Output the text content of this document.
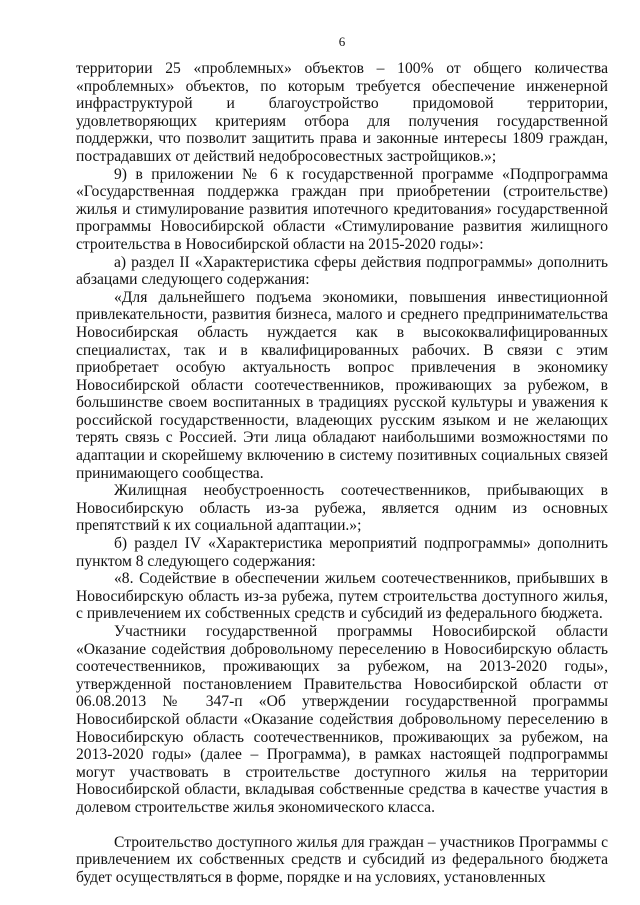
6

территории 25 «проблемных» объектов – 100% от общего количества «проблемных» объектов, по которым требуется обеспечение инженерной инфраструктурой и благоустройство придомовой территории, удовлетворяющих критериям отбора для получения государственной поддержки, что позволит защитить права и законные интересы 1809 граждан, пострадавших от действий недобросовестных застройщиков.»;

9) в приложении № 6 к государственной программе «Подпрограмма «Государственная поддержка граждан при приобретении (строительстве) жилья и стимулирование развития ипотечного кредитования» государственной программы Новосибирской области «Стимулирование развития жилищного строительства в Новосибирской области на 2015-2020 годы»:

а) раздел II «Характеристика сферы действия подпрограммы» дополнить абзацами следующего содержания:

«Для дальнейшего подъема экономики, повышения инвестиционной привлекательности, развития бизнеса, малого и среднего предпринимательства Новосибирская область нуждается как в высококвалифицированных специалистах, так и в квалифицированных рабочих. В связи с этим приобретает особую актуальность вопрос привлечения в экономику Новосибирской области соотечественников, проживающих за рубежом, в большинстве своем воспитанных в традициях русской культуры и уважения к российской государственности, владеющих русским языком и не желающих терять связь с Россией. Эти лица обладают наибольшими возможностями по адаптации и скорейшему включению в систему позитивных социальных связей принимающего сообщества.

Жилищная необустроенность соотечественников, прибывающих в Новосибирскую область из-за рубежа, является одним из основных препятствий к их социальной адаптации.»;

б) раздел IV «Характеристика мероприятий подпрограммы» дополнить пунктом 8 следующего содержания:

«8. Содействие в обеспечении жильем соотечественников, прибывших в Новосибирскую область из-за рубежа, путем строительства доступного жилья, с привлечением их собственных средств и субсидий из федерального бюджета.

Участники государственной программы Новосибирской области «Оказание содействия добровольному переселению в Новосибирскую область соотечественников, проживающих за рубежом, на 2013-2020 годы», утвержденной постановлением Правительства Новосибирской области от 06.08.2013 № 347-п «Об утверждении государственной программы Новосибирской области «Оказание содействия добровольному переселению в Новосибирскую область соотечественников, проживающих за рубежом, на 2013-2020 годы» (далее – Программа), в рамках настоящей подпрограммы могут участвовать в строительстве доступного жилья на территории Новосибирской области, вкладывая собственные средства в качестве участия в долевом строительстве жилья экономического класса.

Строительство доступного жилья для граждан – участников Программы с привлечением их собственных средств и субсидий из федерального бюджета будет осуществляться в форме, порядке и на условиях, установленных
